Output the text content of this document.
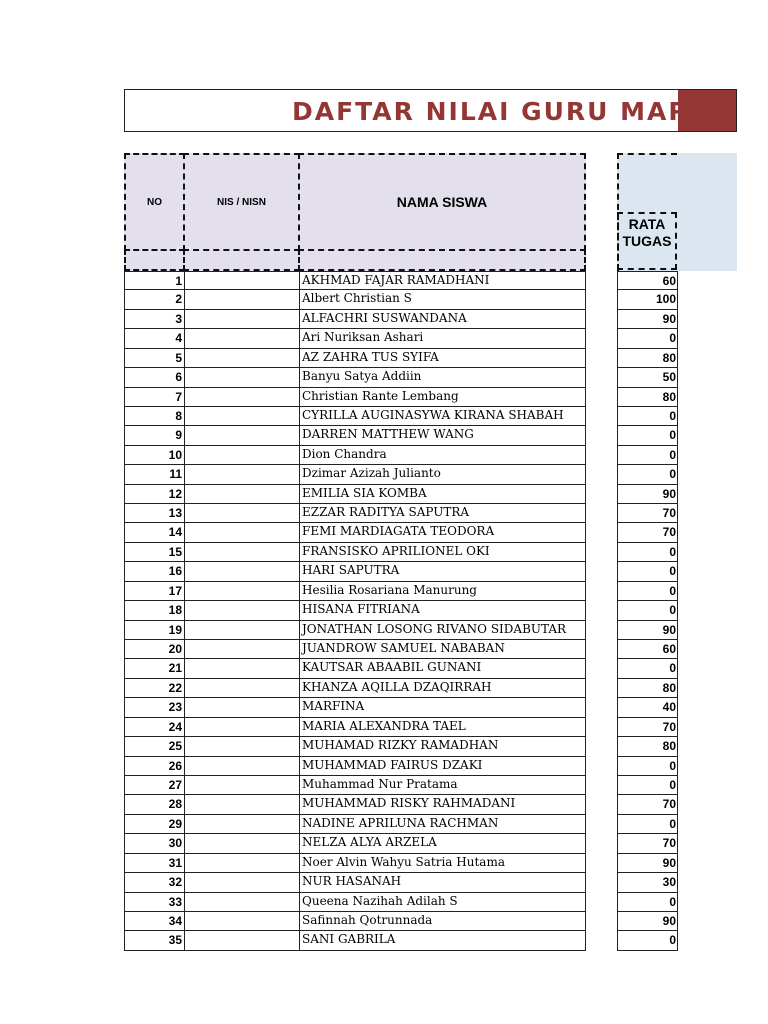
DAFTAR NILAI GURU MAPEL
NO	NIS / NISN	NAMA SISWA
RATA
TUGAS
1	AKHMAD FAJAR RAMADHANI	60
2	Albert Christian S	100
3	ALFACHRI SUSWANDANA	90
4	Ari Nuriksan Ashari	0
5	AZ ZAHRA TUS SYIFA	80
6	Banyu Satya Addiin	50
7	Christian Rante Lembang	80
8	CYRILLA AUGINASYWA KIRANA SHABAH	0
9	DARREN MATTHEW WANG	0
10	Dion Chandra	0
11	Dzimar Azizah Julianto	0
12	EMILIA SIA KOMBA	90
13	EZZAR RADITYA SAPUTRA	70
14	FEMI MARDIAGATA TEODORA	70
15	FRANSISKO APRILIONEL OKI	0
16	HARI SAPUTRA	0
17	Hesilia Rosariana Manurung	0
18	HISANA FITRIANA	0
19	JONATHAN LOSONG RIVANO SIDABUTAR	90
20	JUANDROW SAMUEL NABABAN	60
21	KAUTSAR ABAABIL GUNANI	0
22	KHANZA AQILLA DZAQIRRAH	80
23	MARFINA	40
24	MARIA ALEXANDRA TAEL	70
25	MUHAMAD RIZKY RAMADHAN	80
26	MUHAMMAD FAIRUS DZAKI	0
27	Muhammad Nur Pratama	0
28	MUHAMMAD RISKY RAHMADANI	70
29	NADINE APRILUNA RACHMAN	0
30	NELZA ALYA ARZELA	70
31	Noer Alvin Wahyu Satria Hutama	90
32	NUR HASANAH	30
33	Queena Nazihah Adilah S	0
34	Safinnah Qotrunnada	90
35	SANI GABRILA	0
